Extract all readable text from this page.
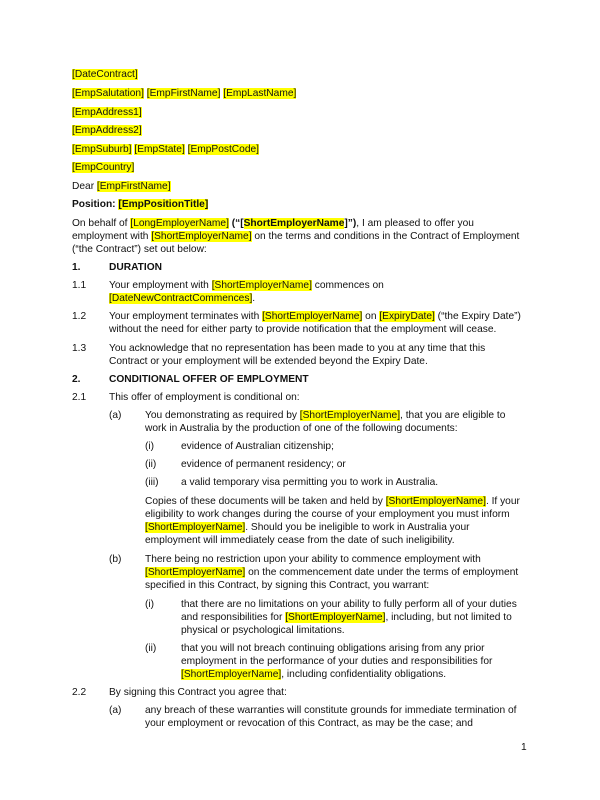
[DateContract]
[EmpSalutation] [EmpFirstName] [EmpLastName]
[EmpAddress1]
[EmpAddress2]
[EmpSuburb] [EmpState] [EmpPostCode]
[EmpCountry]
Dear [EmpFirstName]
Position: [EmpPositionTitle]
On behalf of [LongEmployerName] (“[ShortEmployerName]”), I am pleased to offer you
employment with [ShortEmployerName] on the terms and conditions in the Contract of Employment
(“the Contract”) set out below:
1.	DURATION
1.1 Your employment with [ShortEmployerName] commences on
[DateNewContractCommences].
1.2 Your employment terminates with [ShortEmployerName] on [ExpiryDate] (“the Expiry Date”)
without the need for either party to provide notification that the employment will cease.
1.3 You acknowledge that no representation has been made to you at any time that this
Contract or your employment will be extended beyond the Expiry Date.
2.	CONDITIONAL OFFER OF EMPLOYMENT
2.1 This offer of employment is conditional on:
(a) You demonstrating as required by [ShortEmployerName], that you are eligible to
work in Australia by the production of one of the following documents:
(i)	evidence of Australian citizenship;
(ii) evidence of permanent residency; or
(iii) a valid temporary visa permitting you to work in Australia.
Copies of these documents will be taken and held by [ShortEmployerName]. If your
eligibility to work changes during the course of your employment you must inform
[ShortEmployerName]. Should you be ineligible to work in Australia your
employment will immediately cease from the date of such ineligibility.
(b) There being no restriction upon your ability to commence employment with
[ShortEmployerName] on the commencement date under the terms of employment
specified in this Contract, by signing this Contract, you warrant:
(i)	that there are no limitations on your ability to fully perform all of your duties
and responsibilities for [ShortEmployerName], including, but not limited to
physical or psychological limitations.
(ii) that you will not breach continuing obligations arising from any prior
employment in the performance of your duties and responsibilities for
[ShortEmployerName], including confidentiality obligations.
2.2 By signing this Contract you agree that:
(a) any breach of these warranties will constitute grounds for immediate termination of
your employment or revocation of this Contract, as may be the case; and
1
